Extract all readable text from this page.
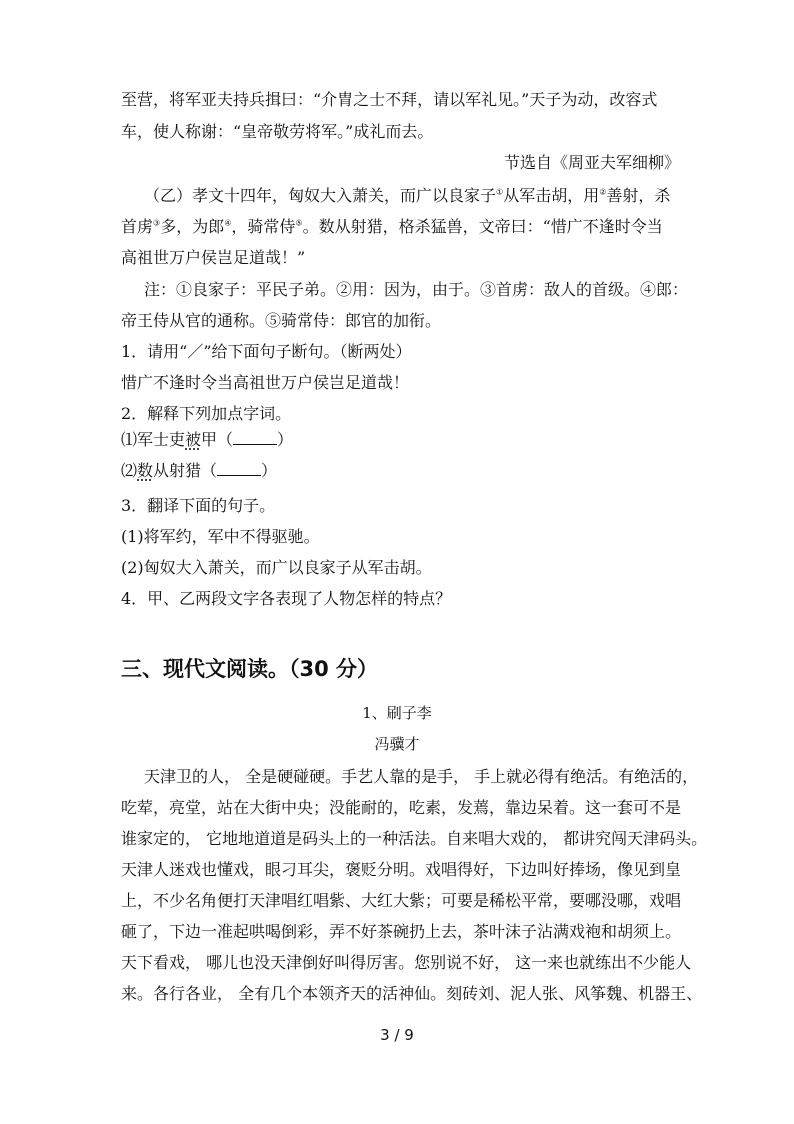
至营，将军亚夫持兵揖曰：“介胄之士不拜，请以军礼见。”天子为动，改容式
车，使人称谢：“皇帝敬劳将军。”成礼而去。
节选自《周亚夫军细柳》
（乙）孝文十四年，匈奴大入萧关，而广以良家子①从军击胡，用②善射，杀
首虏③多，为郎④，骑常侍⑤。数从射猎，格杀猛兽，文帝曰：“惜广不逢时令当
高祖世万户侯岂足道哉！”
注：①良家子：平民子弟。②用：因为，由于。③首虏：敌人的首级。④郎：
帝王侍从官的通称。⑤骑常侍：郎官的加衔。
1．请用“／”给下面句子断句。（断两处）
惜广不逢时令当高祖世万户侯岂足道哉！
2．解释下列加点字词。
⑴军士吏被甲（	）
⑵数从射猎（	）
3．翻译下面的句子。
(1)将军约，军中不得驱驰。
(2)匈奴大入萧关，而广以良家子从军击胡。
4．甲、乙两段文字各表现了人物怎样的特点？
三、现代文阅读。（30 分）
1、刷子李
冯骥才
天津卫的人， 全是硬碰硬。手艺人靠的是手， 手上就必得有绝活。有绝活的，
吃荤，亮堂，站在大街中央；没能耐的，吃素，发蔫，靠边呆着。这一套可不是
谁家定的， 它地地道道是码头上的一种活法。自来唱大戏的， 都讲究闯天津码头。
天津人迷戏也懂戏，眼刁耳尖，褒贬分明。戏唱得好，下边叫好捧场，像见到皇
上，不少名角便打天津唱红唱紫、大红大紫；可要是稀松平常，要哪没哪，戏唱
砸了，下边一准起哄喝倒彩，弄不好茶碗扔上去，茶叶沫子沾满戏袍和胡须上。
天下看戏， 哪儿也没天津倒好叫得厉害。您别说不好， 这一来也就练出不少能人
来。各行各业， 全有几个本领齐天的活神仙。刻砖刘、泥人张、风筝魏、机器王、
3 / 9
